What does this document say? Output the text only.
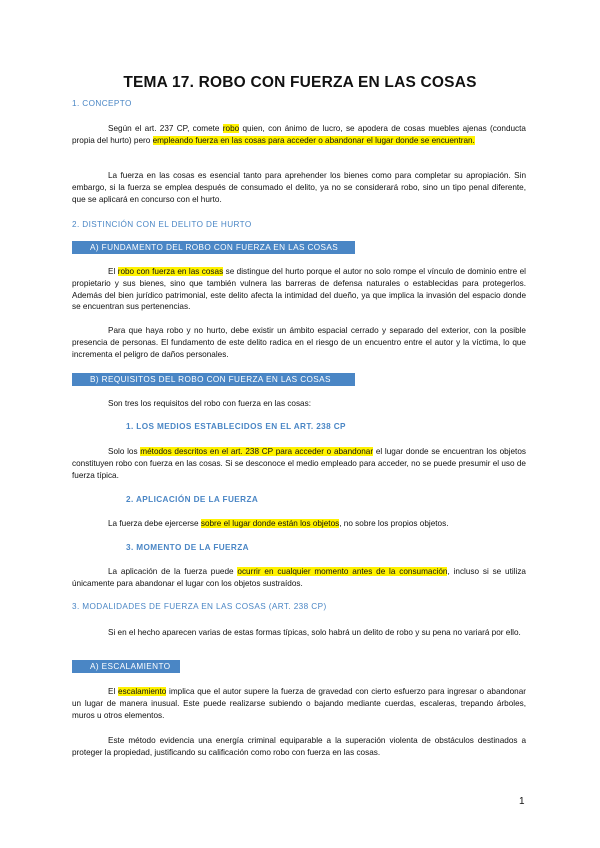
TEMA 17. ROBO CON FUERZA EN LAS COSAS
1. CONCEPTO
Según el art. 237 CP, comete robo quien, con ánimo de lucro, se apodera de cosas muebles ajenas (conducta propia del hurto) pero empleando fuerza en las cosas para acceder o abandonar el lugar donde se encuentran.
La fuerza en las cosas es esencial tanto para aprehender los bienes como para completar su apropiación. Sin embargo, si la fuerza se emplea después de consumado el delito, ya no se considerará robo, sino un tipo penal diferente, que se aplicará en concurso con el hurto.
2. DISTINCIÓN CON EL DELITO DE HURTO
A) FUNDAMENTO DEL ROBO CON FUERZA EN LAS COSAS
El robo con fuerza en las cosas se distingue del hurto porque el autor no solo rompe el vínculo de dominio entre el propietario y sus bienes, sino que también vulnera las barreras de defensa naturales o establecidas para protegerlos. Además del bien jurídico patrimonial, este delito afecta la intimidad del dueño, ya que implica la invasión del espacio donde se encuentran sus pertenencias.
Para que haya robo y no hurto, debe existir un ámbito espacial cerrado y separado del exterior, con la posible presencia de personas. El fundamento de este delito radica en el riesgo de un encuentro entre el autor y la víctima, lo que incrementa el peligro de daños personales.
B) REQUISITOS DEL ROBO CON FUERZA EN LAS COSAS
Son tres los requisitos del robo con fuerza en las cosas:
1. LOS MEDIOS ESTABLECIDOS EN EL ART. 238 CP
Solo los métodos descritos en el art. 238 CP para acceder o abandonar el lugar donde se encuentran los objetos constituyen robo con fuerza en las cosas. Si se desconoce el medio empleado para acceder, no se puede presumir el uso de fuerza típica.
2. APLICACIÓN DE LA FUERZA
La fuerza debe ejercerse sobre el lugar donde están los objetos, no sobre los propios objetos.
3. MOMENTO DE LA FUERZA
La aplicación de la fuerza puede ocurrir en cualquier momento antes de la consumación, incluso si se utiliza únicamente para abandonar el lugar con los objetos sustraídos.
3. MODALIDADES DE FUERZA EN LAS COSAS (ART. 238 CP)
Si en el hecho aparecen varias de estas formas típicas, solo habrá un delito de robo y su pena no variará por ello.
A) ESCALAMIENTO
El escalamiento implica que el autor supere la fuerza de gravedad con cierto esfuerzo para ingresar o abandonar un lugar de manera inusual. Este puede realizarse subiendo o bajando mediante cuerdas, escaleras, trepando árboles, muros u otros elementos.
Este método evidencia una energía criminal equiparable a la superación violenta de obstáculos destinados a proteger la propiedad, justificando su calificación como robo con fuerza en las cosas.
1
